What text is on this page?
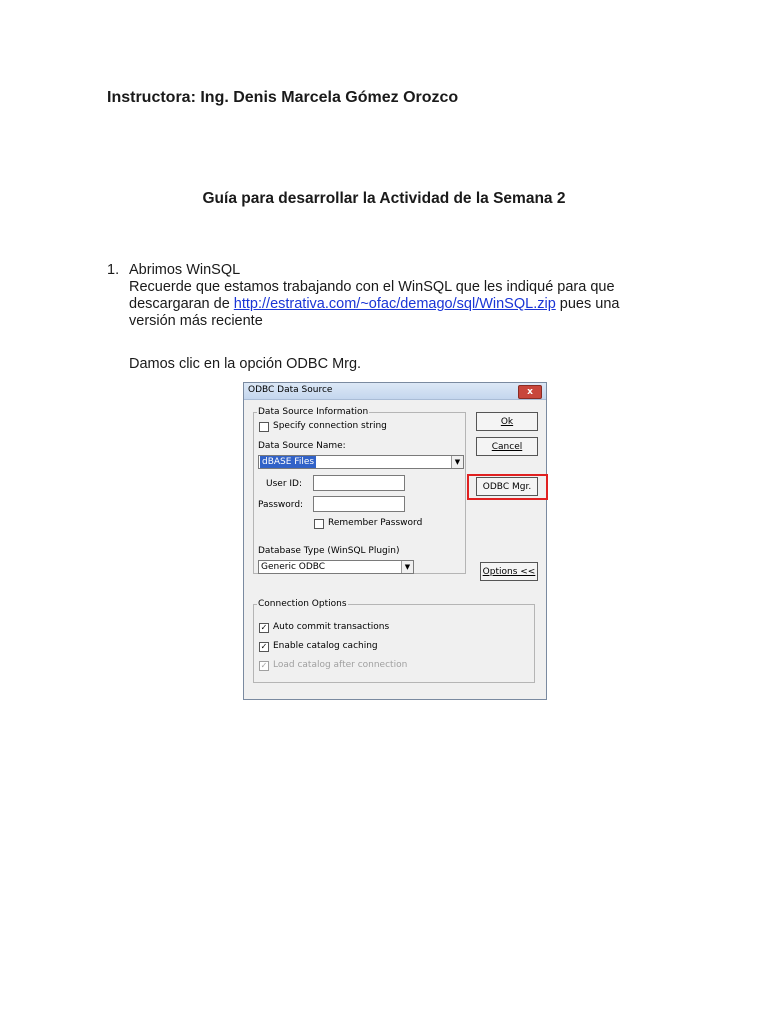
Instructora: Ing. Denis Marcela Gómez Orozco
Guía para desarrollar la Actividad de la Semana 2
1. Abrimos WinSQL
Recuerde que estamos trabajando con el WinSQL que les indiqué para que descargaran de http://estrativa.com/~ofac/demago/sql/WinSQL.zip pues una versión más reciente
Damos clic en la opción ODBC Mrg.
ODBC Data Source	x
Data Source Information
Specify connection string
Data Source Name:
dBASE Files	▼
User ID:
Password:
Remember Password
Database Type (WinSQL Plugin)
Generic ODBC	▼
Ok
Cancel
ODBC Mgr.
Options <<
Connection Options
✓ Auto commit transactions
✓ Enable catalog caching
✓ Load catalog after connection
